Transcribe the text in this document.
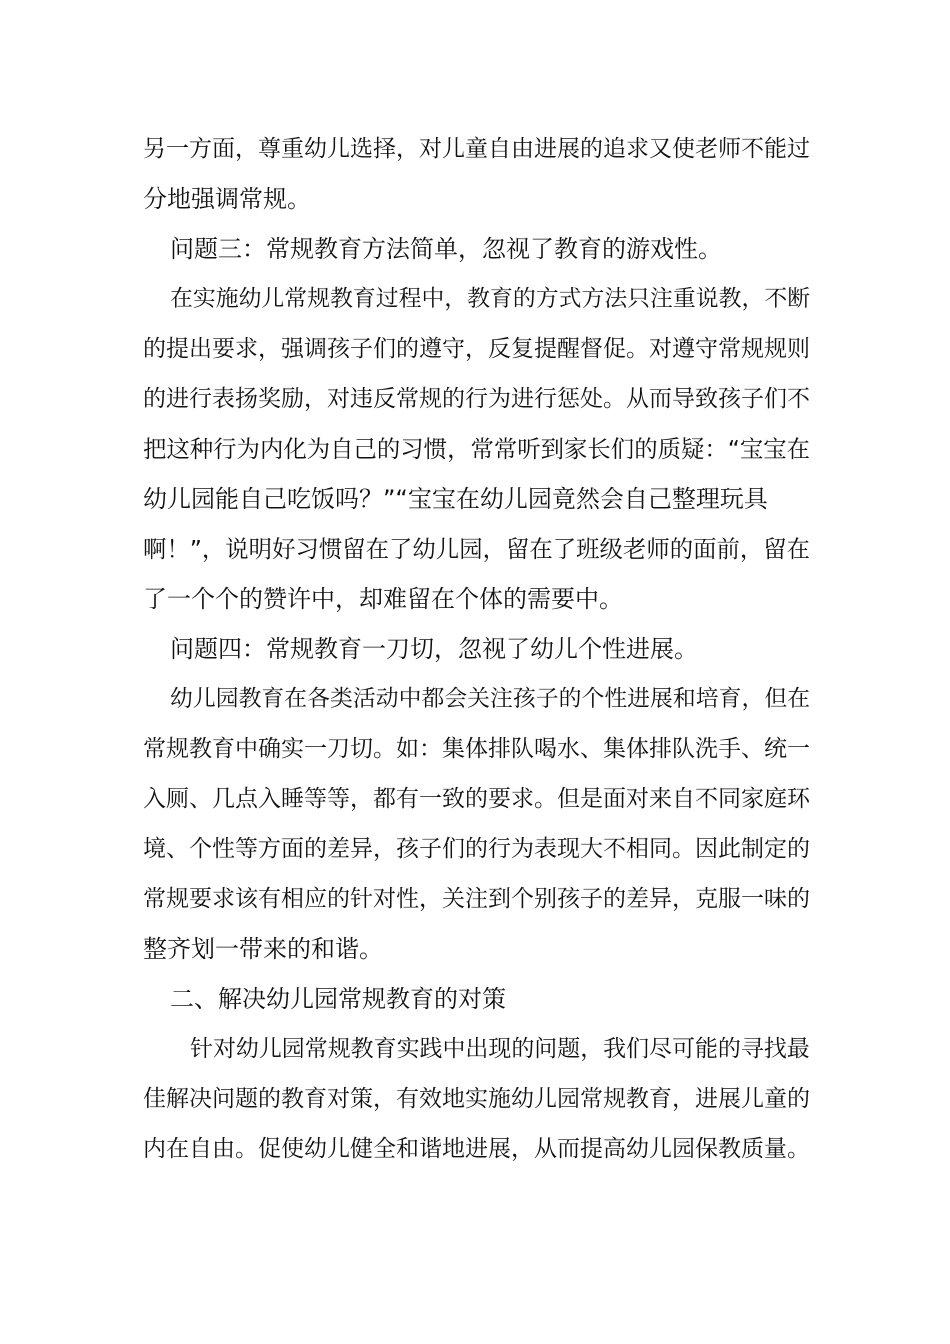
另一方面，尊重幼儿选择，对儿童自由进展的追求又使老师不能过
分地强调常规。
问题三：常规教育方法简单，忽视了教育的游戏性。
在实施幼儿常规教育过程中，教育的方式方法只注重说教，不断
的提出要求，强调孩子们的遵守，反复提醒督促。对遵守常规规则
的进行表扬奖励，对违反常规的行为进行惩处。从而导致孩子们不
把这种行为内化为自己的习惯，常常听到家长们的质疑：“宝宝在
幼儿园能自己吃饭吗？”“宝宝在幼儿园竟然会自己整理玩具
啊！”，说明好习惯留在了幼儿园，留在了班级老师的面前，留在
了一个个的赞许中，却难留在个体的需要中。
问题四：常规教育一刀切，忽视了幼儿个性进展。
幼儿园教育在各类活动中都会关注孩子的个性进展和培育，但在
常规教育中确实一刀切。如：集体排队喝水、集体排队洗手、统一
入厕、几点入睡等等，都有一致的要求。但是面对来自不同家庭环
境、个性等方面的差异，孩子们的行为表现大不相同。因此制定的
常规要求该有相应的针对性，关注到个别孩子的差异，克服一味的
整齐划一带来的和谐。
二、解决幼儿园常规教育的对策
针对幼儿园常规教育实践中出现的问题，我们尽可能的寻找最
佳解决问题的教育对策，有效地实施幼儿园常规教育，进展儿童的
内在自由。促使幼儿健全和谐地进展，从而提高幼儿园保教质量。
